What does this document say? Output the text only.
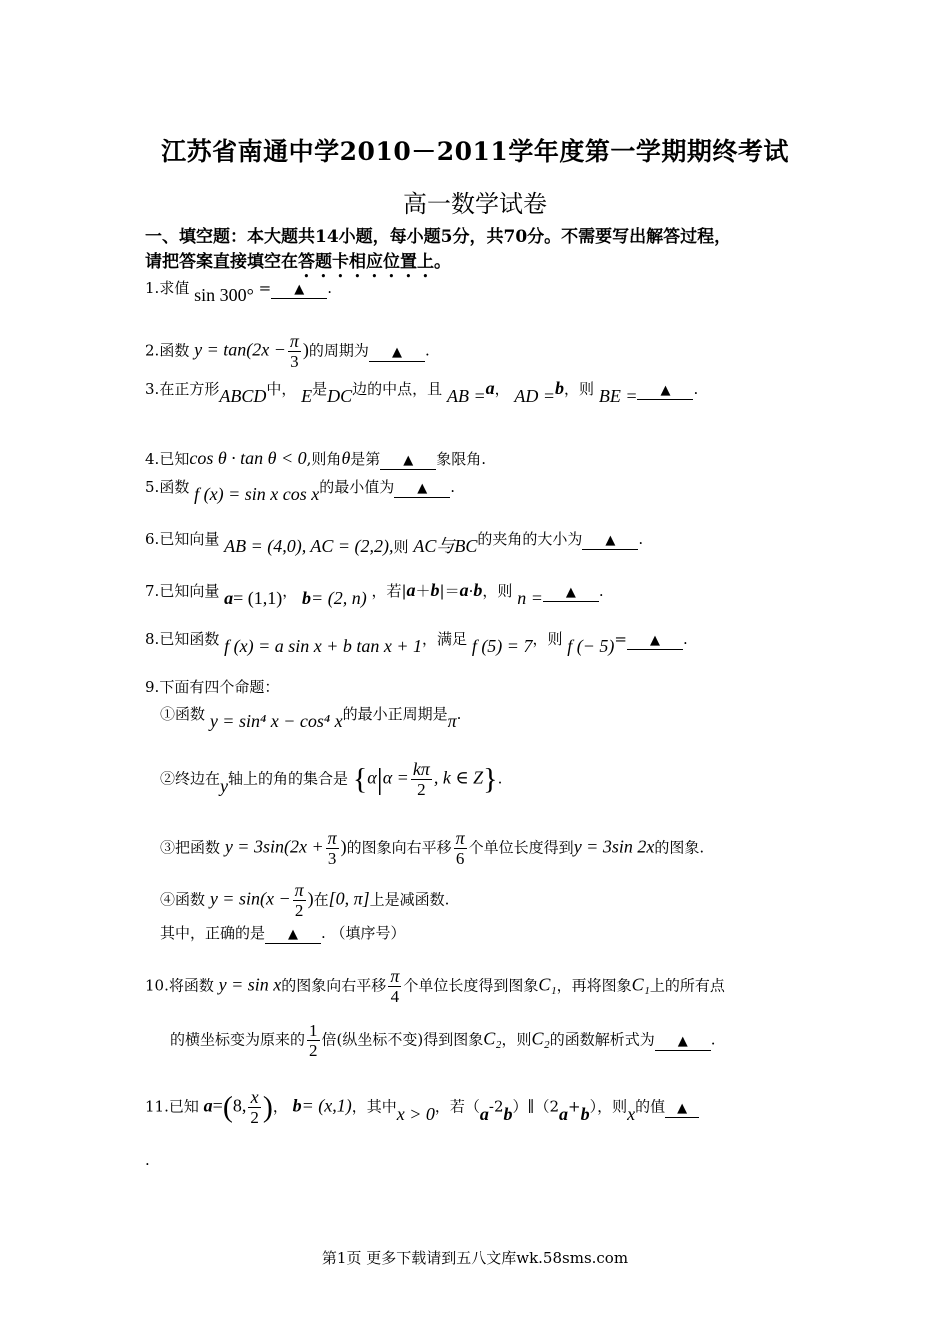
江苏省南通中学2010－2011学年度第一学期期终考试
高一数学试卷
一、填空题：本大题共14小题，每小题5分，共70分。不需要写出解答过程，
请把答案直接填空在答题卡相应位置上。
1.求值 sin 300° = ▲ .
2.函数 $y = \tan(2x - \frac{\pi}{3}$ )的周期为 ▲ .
3.在正方形ABCD中， E是DC边的中点，且 AB =a， AD =b，则 BE = ▲ .
4.已知cos θ · tan θ < 0,则角θ是第 ▲ 象限角.
5.函数 f (x) = sin x cos x的最小值为 ▲ .
6.已知向量 AB = (4,0), AC = (2,2),则 AC与BC的夹角的大小为 ▲ .
7.已知向量 a= (1,1)， b= (2, n) ，若|a＋b|＝a·b，则 n = ▲ .
8.已知函数 f (x) = a sin x + b tan x + 1，满足 f (5) = 7，则 f (− 5)= ▲ .
9.下面有四个命题：
①函数 y = sin⁴ x − cos⁴ x的最小正周期是π.
②终边在y轴上的角的集合是 {$\alpha|\alpha = \frac{k\pi}{2}$ , k ∈ Z}.
③把函数 $y = 3\sin(2x + \frac{\pi}{3}$ )的图象向右平移 $\frac{\pi}{6}$ 个单位长度得到y = 3sin 2x的图象.
④函数 $y = \sin(x - \frac{\pi}{2}$ )在[0, π]上是减函数.
其中，正确的是 ▲ . （填序号）
10.将函数 y = sin x的图象向右平移 $\frac{\pi}{4}$ 个单位长度得到图象C₁，再将图象C₁上的所有点
的横坐标变为原来的 $\frac{1}{2}$ 倍(纵坐标不变)得到图象C₂，则C₂的函数解析式为 ▲ .
11.已知 a=(8, $\frac{x}{2}$ )， b= (x,1)，其中x > 0，若（a-2b）∥（2a+b），则x的值 ▲
.
第1页 更多下载请到五八文库wk.58sms.com
